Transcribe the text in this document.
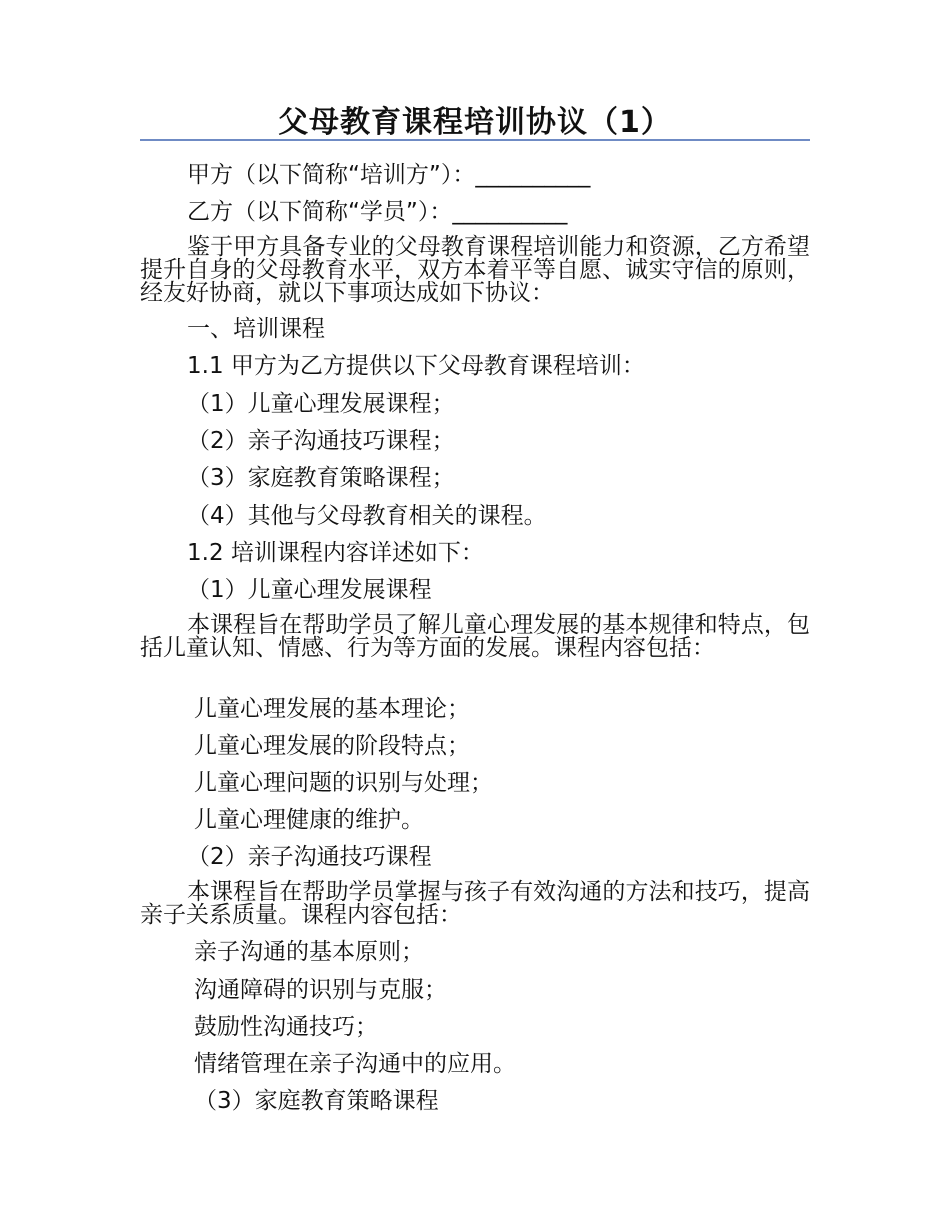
父母教育课程培训协议（1）
甲方（以下简称“培训方”）：__________
乙方（以下简称“学员”）：__________

鉴于甲方具备专业的父母教育课程培训能力和资源，乙方希望提升自身的父母教育水平，双方本着平等自愿、诚实守信的原则，经友好协商，就以下事项达成如下协议：

一、培训课程
1.1 甲方为乙方提供以下父母教育课程培训：
（1）儿童心理发展课程；
（2）亲子沟通技巧课程；
（3）家庭教育策略课程；
（4）其他与父母教育相关的课程。
1.2 培训课程内容详述如下：
（1）儿童心理发展课程

本课程旨在帮助学员了解儿童心理发展的基本规律和特点，包括儿童认知、情感、行为等方面的发展。课程内容包括：

儿童心理发展的基本理论；
儿童心理发展的阶段特点；
儿童心理问题的识别与处理；
儿童心理健康的维护。
（2）亲子沟通技巧课程

本课程旨在帮助学员掌握与孩子有效沟通的方法和技巧，提高亲子关系质量。课程内容包括：

亲子沟通的基本原则；
沟通障碍的识别与克服；
鼓励性沟通技巧；
情绪管理在亲子沟通中的应用。
（3）家庭教育策略课程
